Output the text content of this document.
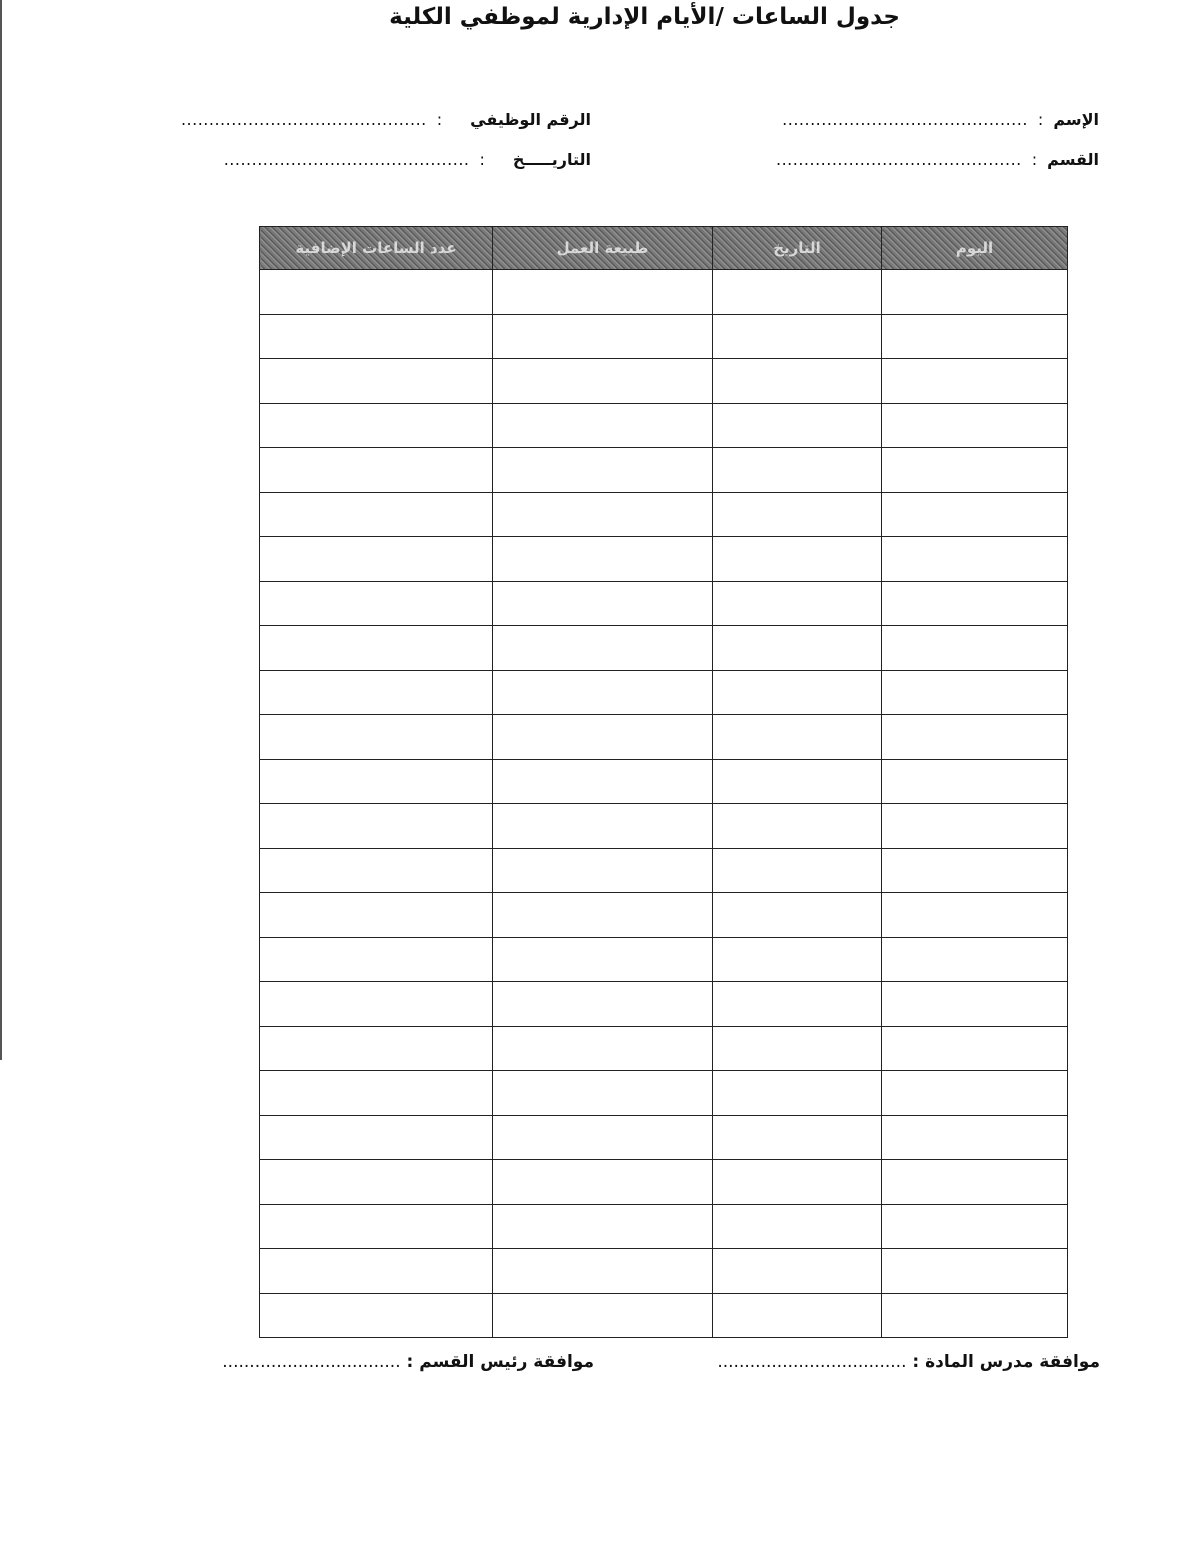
جدول الساعات /الأيام الإدارية لموظفي الكلية
الإسم
:
............................................
القسم
:
............................................
الرقم الوظيفي
:
............................................
التاريـــــخ
:
............................................
اليوم	التاريخ	طبيعة العمل	عدد الساعات الإضافية

موافقة مدرس المادة : ...................................
موافقة رئيس القسم : .................................
